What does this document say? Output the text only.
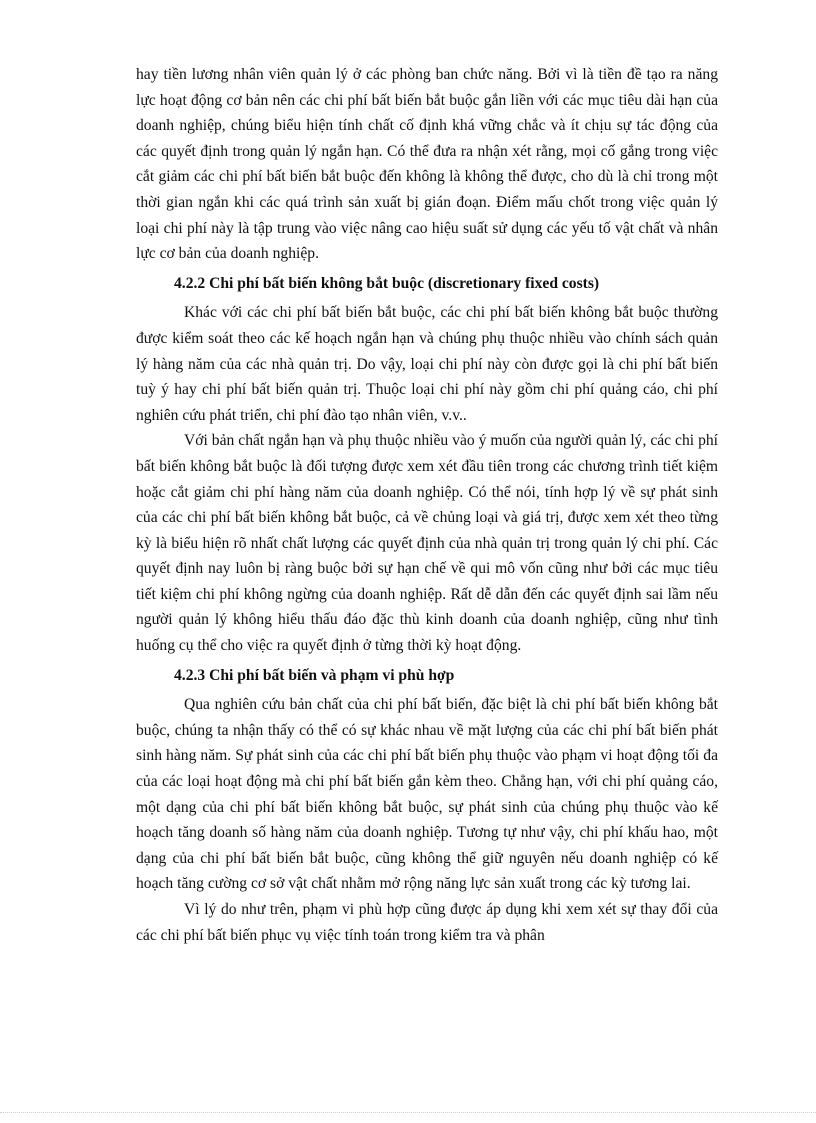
hay tiền lương nhân viên quản lý ở các phòng ban chức năng. Bởi vì là tiền đề tạo ra năng lực hoạt động cơ bản nên các chi phí bất biến bắt buộc gắn liền với các mục tiêu dài hạn của doanh nghiệp, chúng biểu hiện tính chất cố định khá vững chắc và ít chịu sự tác động của các quyết định trong quản lý ngắn hạn. Có thể đưa ra nhận xét rằng, mọi cố gắng trong việc cắt giảm các chi phí bất biến bắt buộc đến không là không thể được, cho dù là chỉ trong một thời gian ngắn khi các quá trình sản xuất bị gián đoạn. Điểm mấu chốt trong việc quản lý loại chi phí này là tập trung vào việc nâng cao hiệu suất sử dụng các yếu tố vật chất và nhân lực cơ bản của doanh nghiệp.

4.2.2 Chi phí bất biến không bắt buộc (discretionary fixed costs)

Khác với các chi phí bất biến bắt buộc, các chi phí bất biến không bắt buộc thường được kiểm soát theo các kế hoạch ngắn hạn và chúng phụ thuộc nhiều vào chính sách quản lý hàng năm của các nhà quản trị. Do vậy, loại chi phí này còn được gọi là chi phí bất biến tuỳ ý hay chi phí bất biến quản trị. Thuộc loại chi phí này gồm chi phí quảng cáo, chi phí nghiên cứu phát triển, chi phí đào tạo nhân viên, v.v..

Với bản chất ngắn hạn và phụ thuộc nhiều vào ý muốn của người quản lý, các chi phí bất biến không bắt buộc là đối tượng được xem xét đầu tiên trong các chương trình tiết kiệm hoặc cắt giảm chi phí hàng năm của doanh nghiệp. Có thể nói, tính hợp lý về sự phát sinh của các chi phí bất biến không bắt buộc, cả về chủng loại và giá trị, được xem xét theo từng kỳ là biểu hiện rõ nhất chất lượng các quyết định của nhà quản trị trong quản lý chi phí. Các quyết định nay luôn bị ràng buộc bởi sự hạn chế về qui mô vốn cũng như bởi các mục tiêu tiết kiệm chi phí không ngừng của doanh nghiệp. Rất dễ dẫn đến các quyết định sai lầm nếu người quản lý không hiểu thấu đáo đặc thù kinh doanh của doanh nghiệp, cũng như tình huống cụ thể cho việc ra quyết định ở từng thời kỳ hoạt động.

4.2.3 Chi phí bất biến và phạm vi phù hợp

Qua nghiên cứu bản chất của chi phí bất biến, đặc biệt là chi phí bất biến không bắt buộc, chúng ta nhận thấy có thể có sự khác nhau về mặt lượng của các chi phí bất biến phát sinh hàng năm. Sự phát sinh của các chi phí bất biến phụ thuộc vào phạm vi hoạt động tối đa của các loại hoạt động mà chi phí bất biến gắn kèm theo. Chẳng hạn, với chi phí quảng cáo, một dạng của chi phí bất biến không bắt buộc, sự phát sinh của chúng phụ thuộc vào kế hoạch tăng doanh số hàng năm của doanh nghiệp. Tương tự như vậy, chi phí khấu hao, một dạng của chi phí bất biến bắt buộc, cũng không thể giữ nguyên nếu doanh nghiệp có kế hoạch tăng cường cơ sở vật chất nhằm mở rộng năng lực sản xuất trong các kỳ tương lai.

Vì lý do như trên, phạm vi phù hợp cũng được áp dụng khi xem xét sự thay đổi của các chi phí bất biến phục vụ việc tính toán trong kiểm tra và phân
